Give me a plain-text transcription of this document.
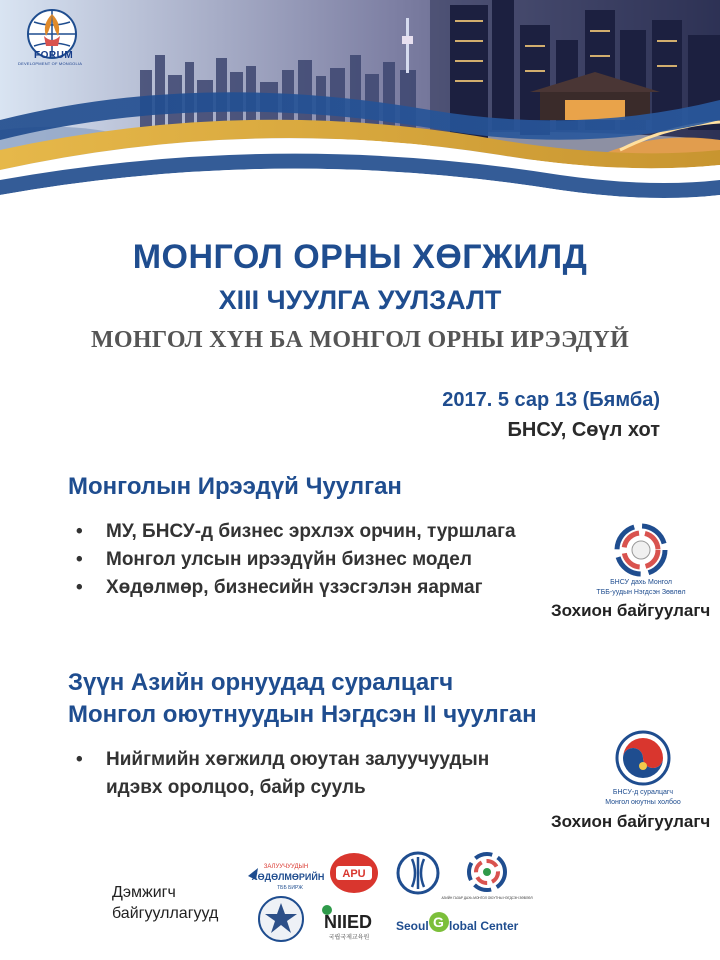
FORUM
DEVELOPMENT OF MONGOLIA
МОНГОЛ ОРНЫ ХӨГЖИЛД
XIII ЧУУЛГА УУЛЗАЛТ
МОНГОЛ ХҮН БА МОНГОЛ ОРНЫ ИРЭЭДҮЙ
2017. 5 сар 13 (Бямба)
БНСУ, Сөүл хот
Монголын Ирээдүй Чуулган
• МУ, БНСУ-д бизнес эрхлэх орчин, туршлага
• Монгол улсын ирээдүйн бизнес модел
• Хөдөлмөр, бизнесийн үзэсгэлэн яармаг	БНСУ дахь Монгол
ТББ-уудын Нэгдсэн Зөвлөл
Зохион байгуулагч
Зүүн Азийн орнуудад суралцагч
Монгол оюутнуудын Нэгдсэн II чуулган
• Нийгмийн хөгжилд оюутан залуучуудын
идэвх оролцоо, байр сууль	БНСУ-д суралцагч
Монгол оюутны холбоо
Зохион байгуулагч
Дэмжигч
байгууллагууд
ЗАЛУУЧУУДЫН
ХӨДӨЛМӨРИЙН
ТББ БИРЖ
APU
АЗИЙН ГАЗАР ДАХЬ МОНГОЛ ОЮУТНЫ НЭГДСЭН ЗӨВЛӨЛ
NIIED
국립국제교육원
Seoul G lobal Center
